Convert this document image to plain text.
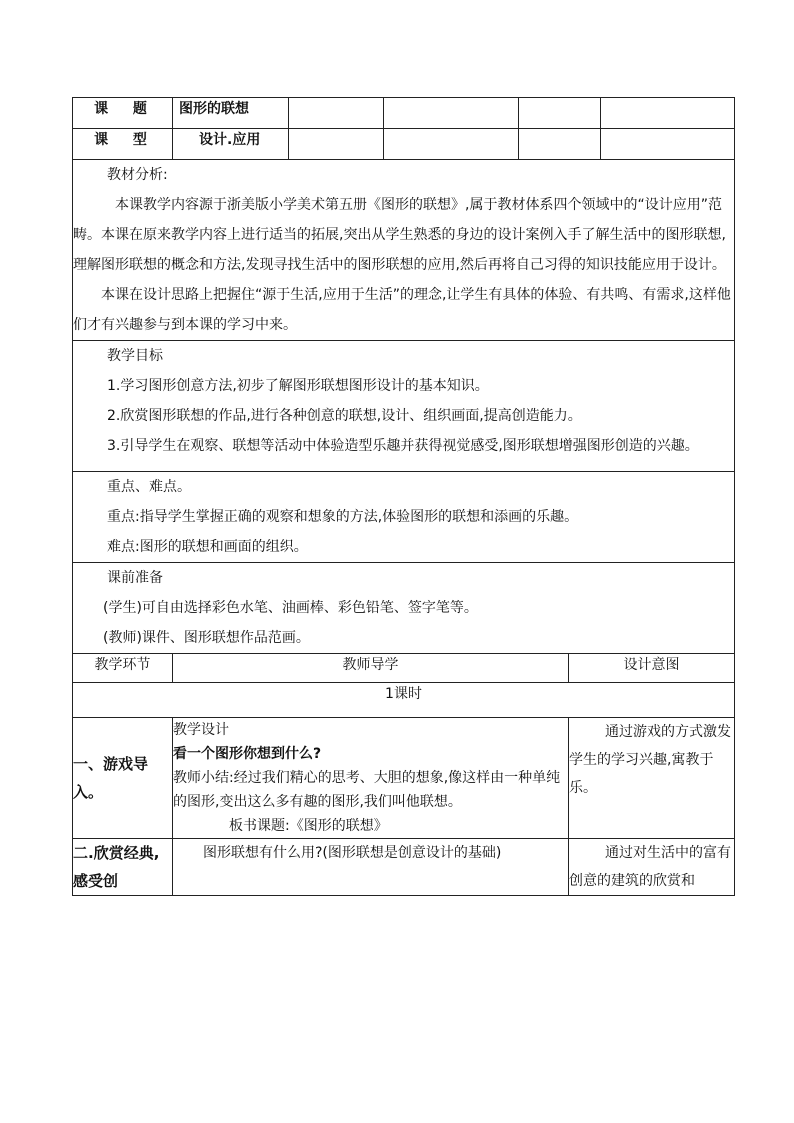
课 题	图形的联想					
课 型	设计.应用					

教材分析:

本课教学内容源于浙美版小学美术第五册《图形的联想》,属于教材体系四个领域中的“设计应用”范畴。本课在原来教学内容上进行适当的拓展,突出从学生熟悉的身边的设计案例入手了解生活中的图形联想,理解图形联想的概念和方法,发现寻找生活中的图形联想的应用,然后再将自己习得的知识技能应用于设计。

本课在设计思路上把握住“源于生活,应用于生活”的理念,让学生有具体的体验、有共鸣、有需求,这样他们才有兴趣参与到本课的学习中来。						

教学目标

1.学习图形创意方法,初步了解图形联想图形设计的基本知识。

2.欣赏图形联想的作品,进行各种创意的联想,设计、组织画面,提高创造能力。

3.引导学生在观察、联想等活动中体验造型乐趣并获得视觉感受,图形联想增强图形创造的兴趣。						

重点、难点。

重点:指导学生掌握正确的观察和想象的方法,体验图形的联想和添画的乐趣。

难点:图形的联想和画面的组织。						

课前准备

(学生)可自由选择彩色水笔、油画棒、彩色铅笔、签字笔等。

(教师)课件、图形联想作品范画。						

教学环节	教师导学				设计意图	
1课时						
一、游戏导入。	教学设计

看一个图形你想到什么?

教师小结:经过我们精心的思考、大胆的想象,像这样由一种单纯的图形,变出这么多有趣的图形,我们叫他联想。

板书课题:《图形的联想》				通过游戏的方式激发学生的学习兴趣,寓教于乐。	
二.欣赏经典,感受创	图形联想有什么用?(图形联想是创意设计的基础)				通过对生活中的富有创意的建筑的欣赏和	
